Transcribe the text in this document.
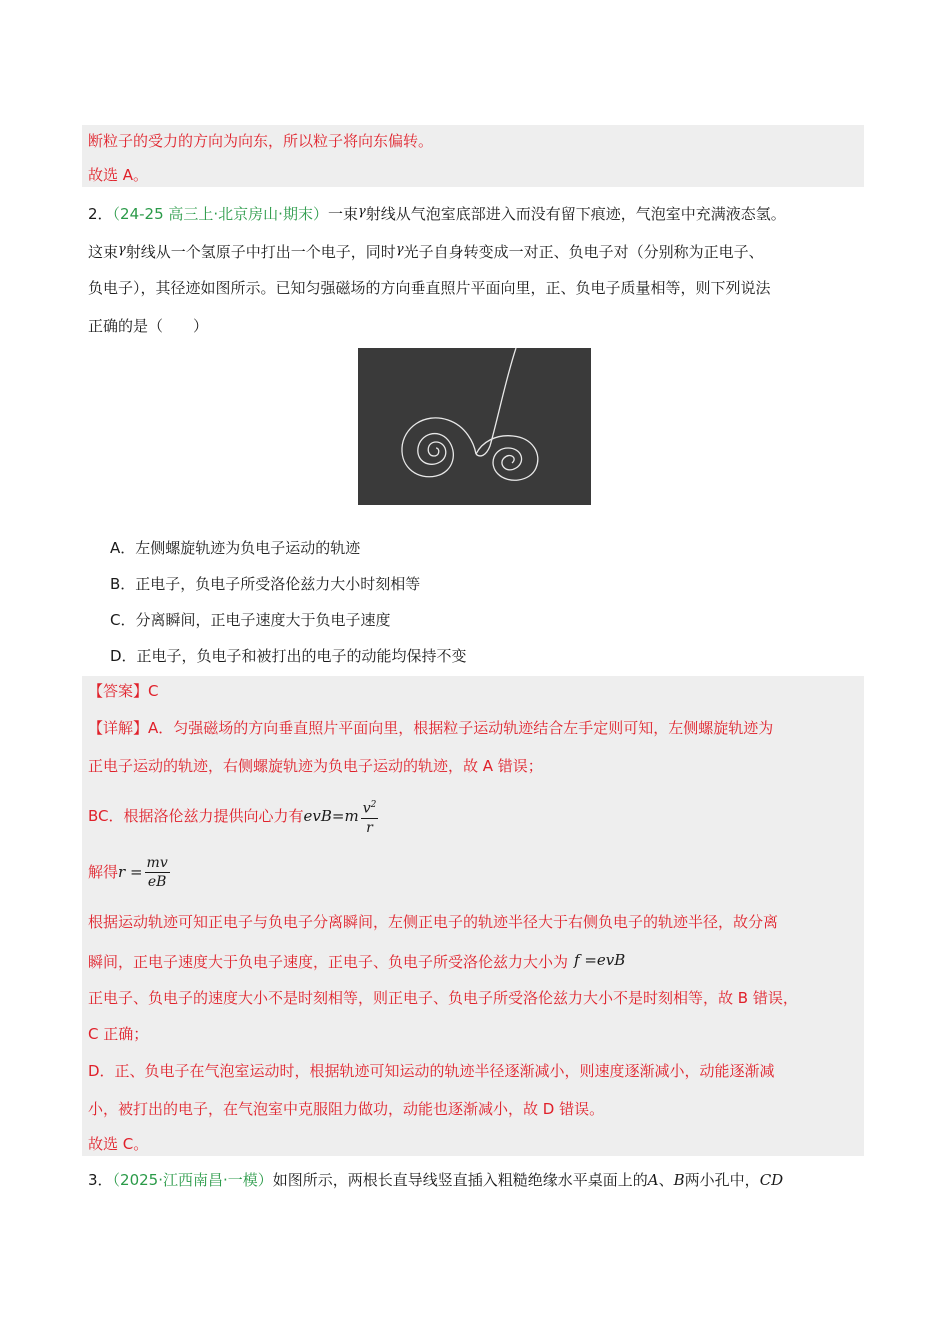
断粒子的受力的方向为向东，所以粒子将向东偏转。
故选 A。
2．（24-25 高三上·北京房山·期末）一束γ射线从气泡室底部进入而没有留下痕迹，气泡室中充满液态氢。
这束γ射线从一个氢原子中打出一个电子，同时γ光子自身转变成一对正、负电子对（分别称为正电子、
负电子），其径迹如图所示。已知匀强磁场的方向垂直照片平面向里，正、负电子质量相等，则下列说法
正确的是（　　）
A．左侧螺旋轨迹为负电子运动的轨迹
B．正电子，负电子所受洛伦兹力大小时刻相等
C．分离瞬间，正电子速度大于负电子速度
D．正电子，负电子和被打出的电子的动能均保持不变
【答案】C
【详解】A．匀强磁场的方向垂直照片平面向里，根据粒子运动轨迹结合左手定则可知，左侧螺旋轨迹为
正电子运动的轨迹，右侧螺旋轨迹为负电子运动的轨迹，故 A 错误；
BC．根据洛伦兹力提供向心力有$evB=m \frac{v^2}{r}$
解得$r = \frac{mv}{eB}$
根据运动轨迹可知正电子与负电子分离瞬间，左侧正电子的轨迹半径大于右侧负电子的轨迹半径，故分离
瞬间，正电子速度大于负电子速度，正电子、负电子所受洛伦兹力大小为 f =evB
正电子、负电子的速度大小不是时刻相等，则正电子、负电子所受洛伦兹力大小不是时刻相等，故 B 错误，
C 正确；
D．正、负电子在气泡室运动时，根据轨迹可知运动的轨迹半径逐渐减小，则速度逐渐减小，动能逐渐减
小，被打出的电子，在气泡室中克服阻力做功，动能也逐渐减小，故 D 错误。
故选 C。
3．（2025·江西南昌·一模）如图所示，两根长直导线竖直插入粗糙绝缘水平桌面上的A、B两小孔中，CD
